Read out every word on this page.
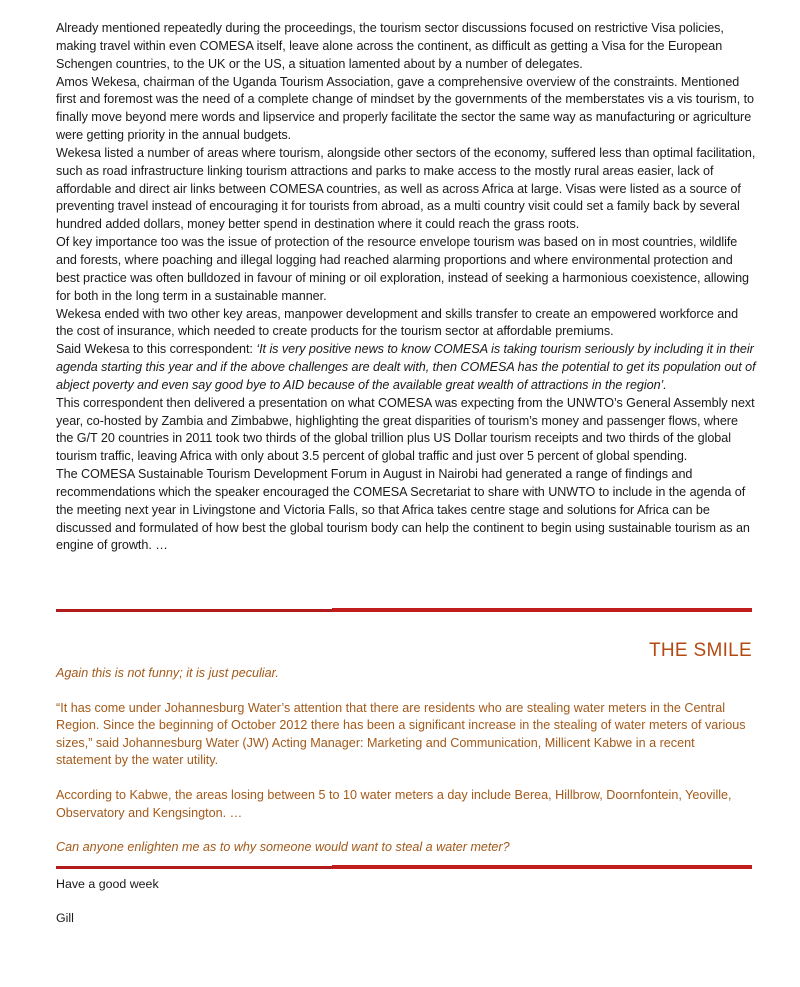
Already mentioned repeatedly during the proceedings, the tourism sector discussions focused on restrictive Visa policies, making travel within even COMESA itself, leave alone across the continent, as difficult as getting a Visa for the European Schengen countries, to the UK or the US, a situation lamented about by a number of delegates.

Amos Wekesa, chairman of the Uganda Tourism Association, gave a comprehensive overview of the constraints. Mentioned first and foremost was the need of a complete change of mindset by the governments of the memberstates vis a vis tourism, to finally move beyond mere words and lipservice and properly facilitate the sector the same way as manufacturing or agriculture were getting priority in the annual budgets.

Wekesa listed a number of areas where tourism, alongside other sectors of the economy, suffered less than optimal facilitation, such as road infrastructure linking tourism attractions and parks to make access to the mostly rural areas easier, lack of affordable and direct air links between COMESA countries, as well as across Africa at large. Visas were listed as a source of preventing travel instead of encouraging it for tourists from abroad, as a multi country visit could set a family back by several hundred added dollars, money better spend in destination where it could reach the grass roots.

Of key importance too was the issue of protection of the resource envelope tourism was based on in most countries, wildlife and forests, where poaching and illegal logging had reached alarming proportions and where environmental protection and best practice was often bulldozed in favour of mining or oil exploration, instead of seeking a harmonious coexistence, allowing for both in the long term in a sustainable manner.

Wekesa ended with two other key areas, manpower development and skills transfer to create an empowered workforce and the cost of insurance, which needed to create products for the tourism sector at affordable premiums.

Said Wekesa to this correspondent: ‘It is very positive news to know COMESA is taking tourism seriously by including it in their agenda starting this year and if the above challenges are dealt with, then COMESA has the potential to get its population out of abject poverty and even say good bye to AID because of the available great wealth of attractions in the region’.

This correspondent then delivered a presentation on what COMESA was expecting from the UNWTO’s General Assembly next year, co-hosted by Zambia and Zimbabwe, highlighting the great disparities of tourism’s money and passenger flows, where the G/T 20 countries in 2011 took two thirds of the global trillion plus US Dollar tourism receipts and two thirds of the global tourism traffic, leaving Africa with only about 3.5 percent of global traffic and just over 5 percent of global spending.

The COMESA Sustainable Tourism Development Forum in August in Nairobi had generated a range of findings and recommendations which the speaker encouraged the COMESA Secretariat to share with UNWTO to include in the agenda of the meeting next year in Livingstone and Victoria Falls, so that Africa takes centre stage and solutions for Africa can be discussed and formulated of how best the global tourism body can help the continent to begin using sustainable tourism as an engine of growth. …

THE SMILE

Again this is not funny; it is just peculiar.

“It has come under Johannesburg Water’s attention that there are residents who are stealing water meters in the Central Region. Since the beginning of October 2012 there has been a significant increase in the stealing of water meters of various sizes,” said Johannesburg Water (JW) Acting Manager: Marketing and Communication, Millicent Kabwe in a recent statement by the water utility.

According to Kabwe, the areas losing between 5 to 10 water meters a day include Berea, Hillbrow, Doornfontein, Yeoville, Observatory and Kengsington. …

Can anyone enlighten me as to why someone would want to steal a water meter?

Have a good week

Gill
